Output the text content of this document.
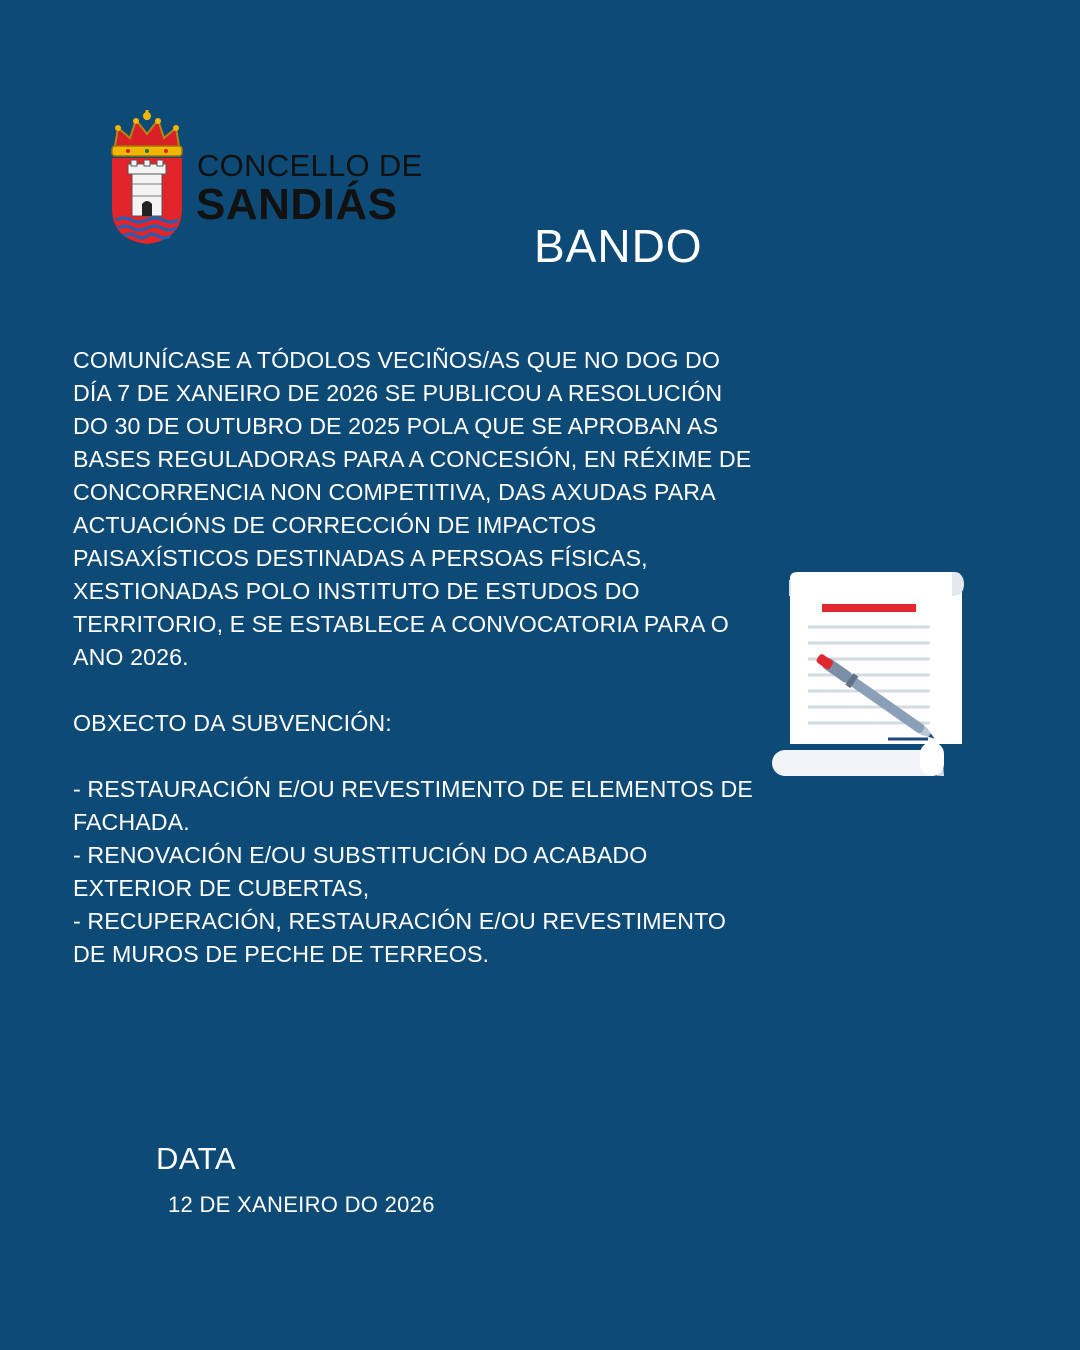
CONCELLO DE
SANDIÁS
BANDO

COMUNÍCASE A TÓDOLOS VECIÑOS/AS QUE NO DOG DO DÍA 7 DE XANEIRO DE 2026 SE PUBLICOU A RESOLUCIÓN DO 30 DE OUTUBRO DE 2025 POLA QUE SE APROBAN AS BASES REGULADORAS PARA A CONCESIÓN, EN RÉXIME DE CONCORRENCIA NON COMPETITIVA, DAS AXUDAS PARA ACTUACIÓNS DE CORRECCIÓN DE IMPACTOS PAISAXÍSTICOS DESTINADAS A PERSOAS FÍSICAS, XESTIONADAS POLO INSTITUTO DE ESTUDOS DO TERRITORIO, E SE ESTABLECE A CONVOCATORIA PARA O ANO 2026.

OBXECTO DA SUBVENCIÓN:

- RESTAURACIÓN E/OU REVESTIMENTO DE ELEMENTOS DE FACHADA.

- RENOVACIÓN E/OU SUBSTITUCIÓN DO ACABADO EXTERIOR DE CUBERTAS,

- RECUPERACIÓN, RESTAURACIÓN E/OU REVESTIMENTO DE MUROS DE PECHE DE TERREOS.

DATA
12 DE XANEIRO DO 2026
